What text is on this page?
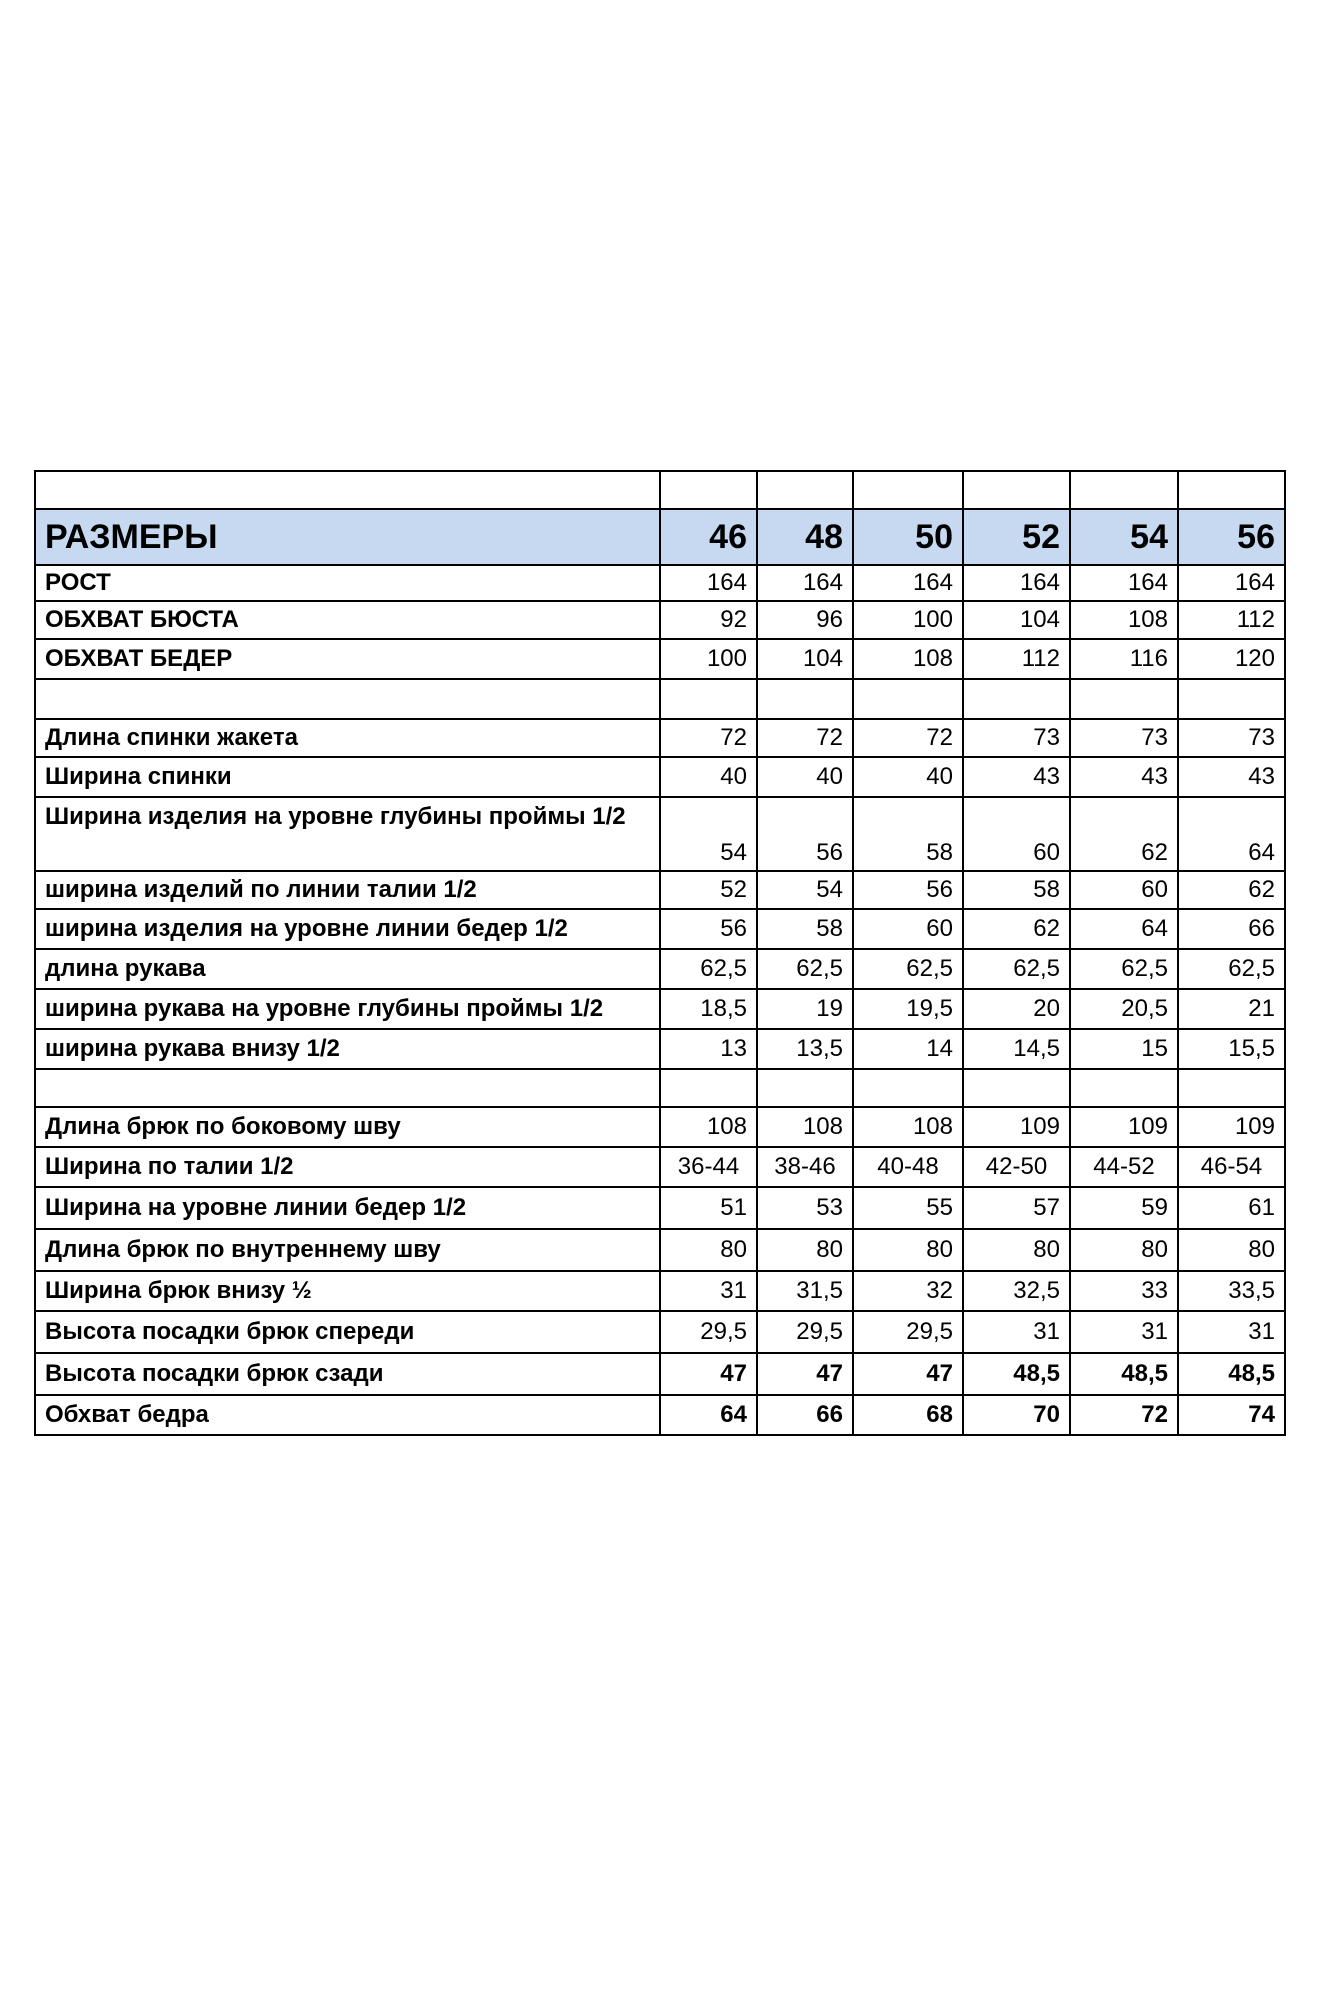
РАЗМЕРЫ	46	48	50	52	54	56
РОСТ	164	164	164	164	164	164
ОБХВАТ БЮСТА	92	96	100	104	108	112
ОБХВАТ БЕДЕР	100	104	108	112	116	120

Длина спинки жакета	72	72	72	73	73	73
Ширина спинки	40	40	40	43	43	43
Ширина изделия на уровне глубины проймы 1/2	54	56	58	60	62	64
ширина изделий по линии талии 1/2	52	54	56	58	60	62
ширина изделия на уровне линии бедер 1/2	56	58	60	62	64	66
длина рукава	62,5	62,5	62,5	62,5	62,5	62,5
ширина рукава на уровне глубины проймы 1/2	18,5	19	19,5	20	20,5	21
ширина рукава внизу 1/2	13	13,5	14	14,5	15	15,5

Длина брюк по боковому шву	108	108	108	109	109	109
Ширина по талии 1/2	36-44	38-46	40-48	42-50	44-52	46-54
Ширина на уровне линии бедер 1/2	51	53	55	57	59	61
Длина брюк по внутреннему шву	80	80	80	80	80	80
Ширина брюк внизу ½	31	31,5	32	32,5	33	33,5
Высота посадки брюк спереди	29,5	29,5	29,5	31	31	31
Высота посадки брюк сзади	47	47	47	48,5	48,5	48,5
Обхват бедра	64	66	68	70	72	74
